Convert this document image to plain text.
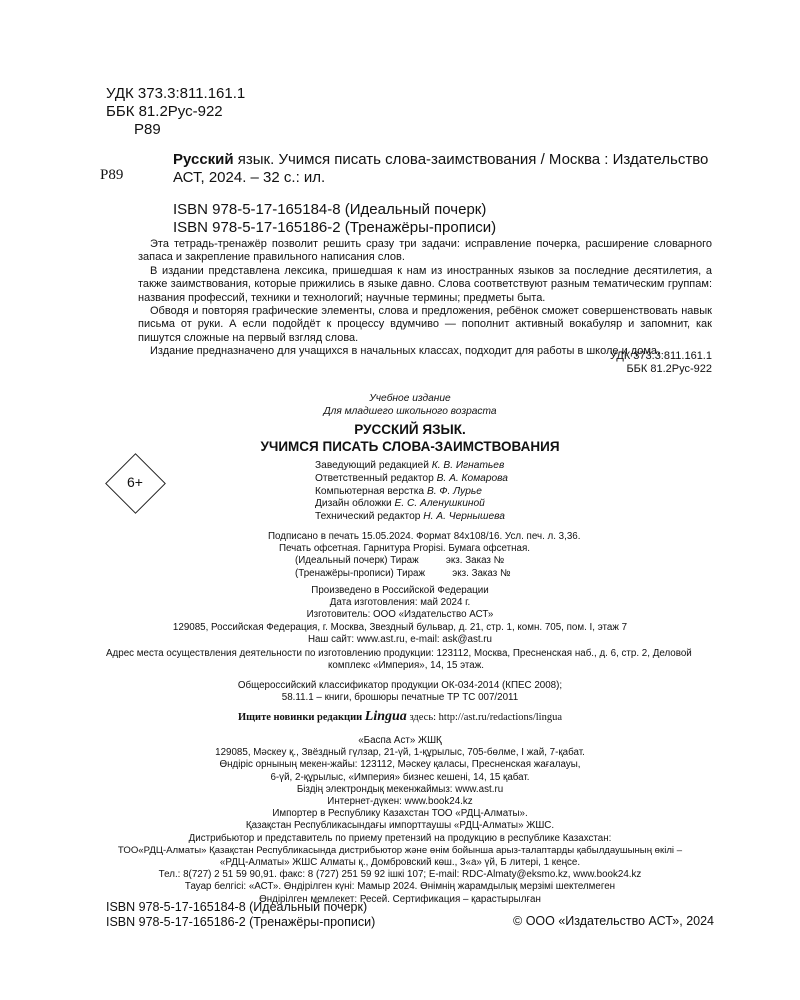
УДК 373.3:811.161.1
ББК 81.2Рус-922
Р89
Р89
Русский язык. Учимся писать слова-заимствования / Москва : Издательство
АСТ, 2024. – 32 с.: ил.
ISBN 978-5-17-165184-8 (Идеальный почерк)
ISBN 978-5-17-165186-2 (Тренажёры-прописи)

Эта тетрадь-тренажёр позволит решить сразу три задачи: исправление почерка, расширение словарного запаса и закрепление правильного написания слов.

В издании представлена лексика, пришедшая к нам из иностранных языков за последние десятилетия, а также заимствования, которые прижились в языке давно. Слова соответствуют разным тематическим группам: названия профессий, техники и технологий; научные термины; предметы быта.

Обводя и повторяя графические элементы, слова и предложения, ребёнок сможет совершенствовать навык письма от руки. А если подойдёт к процессу вдумчиво — пополнит активный вокабуляр и запомнит, как пишутся сложные на первый взгляд слова.

Издание предназначено для учащихся в начальных классах, подходит для работы в школе и дома.

УДК 373.3:811.161.1
ББК 81.2Рус-922
Учебное издание
Для младшего школьного возраста
РУССКИЙ ЯЗЫК.
УЧИМСЯ ПИСАТЬ СЛОВА-ЗАИМСТВОВАНИЯ
6+
Заведующий редакцией К. В. Игнатьев
Ответственный редактор В. А. Комарова
Компьютерная верстка В. Ф. Лурье
Дизайн обложки Е. С. Аленушкиной
Технический редактор Н. А. Чернышева
Подписано в печать 15.05.2024. Формат 84х108/16. Усл. печ. л. 3,36.
Печать офсетная. Гарнитура Propisi. Бумага офсетная.
(Идеальный почерк) Тираж          экз. Заказ №
(Тренажёры-прописи) Тираж          экз. Заказ №
Произведено в Российской Федерации
Дата изготовления: май 2024 г.
Изготовитель: ООО «Издательство АСТ»
129085, Российская Федерация, г. Москва, Звездный бульвар, д. 21, стр. 1, комн. 705, пом. I, этаж 7
Наш сайт: www.ast.ru, e-mail: ask@ast.ru
Адрес места осуществления деятельности по изготовлению продукции: 123112, Москва, Пресненская наб., д. 6, стр. 2, Деловой
комплекс «Империя», 14, 15 этаж.
Общероссийский классификатор продукции ОК-034-2014 (КПЕС 2008);
58.11.1 – книги, брошюры печатные ТР ТС 007/2011
Ищите новинки редакции Lingua здесь: http://ast.ru/redactions/lingua
«Баспа Аст» ЖШҚ
129085, Мәскеу қ., Звёздный гүлзар, 21-үй, 1-құрылыс, 705-бөлме, I жай, 7-қабат.
Өндіріс орнының мекен-жайы: 123112, Мәскеу қаласы, Пресненская жағалауы,
6-үй, 2-құрылыс, «Империя» бизнес кешені, 14, 15 қабат.
Біздің электрондық мекенжаймыз: www.ast.ru
Интернет-дүкен: www.book24.kz
Импортер в Республику Казахстан ТОО «РДЦ-Алматы».
Қазақстан Республикасындағы импорттаушы «РДЦ-Алматы» ЖШС.
Дистрибьютор и представитель по приему претензий на продукцию в республике Казахстан:
ТОО«РДЦ-Алматы» Қазақстан Республикасында дистрибьютор және өнім бойынша арыз-талаптарды қабылдаушының өкілі –
«РДЦ-Алматы» ЖШС Алматы қ., Домбровский көш., 3«а» үй, Б литері, 1 кеңсе.
Тел.: 8(727) 2 51 59 90,91. факс: 8 (727) 251 59 92 ішкі 107; E-mail: RDC-Almaty@eksmo.kz, www.book24.kz
Тауар белгісі: «АСТ». Өндірілген күні: Мамыр 2024. Өнімнің жарамдылық мерзімі шектелмеген
Өндірілген мемлекет: Ресей. Сертификация – қарастырылған
ISBN 978-5-17-165184-8 (Идеальный почерк)
ISBN 978-5-17-165186-2 (Тренажёры-прописи)	© ООО «Издательство АСТ», 2024
